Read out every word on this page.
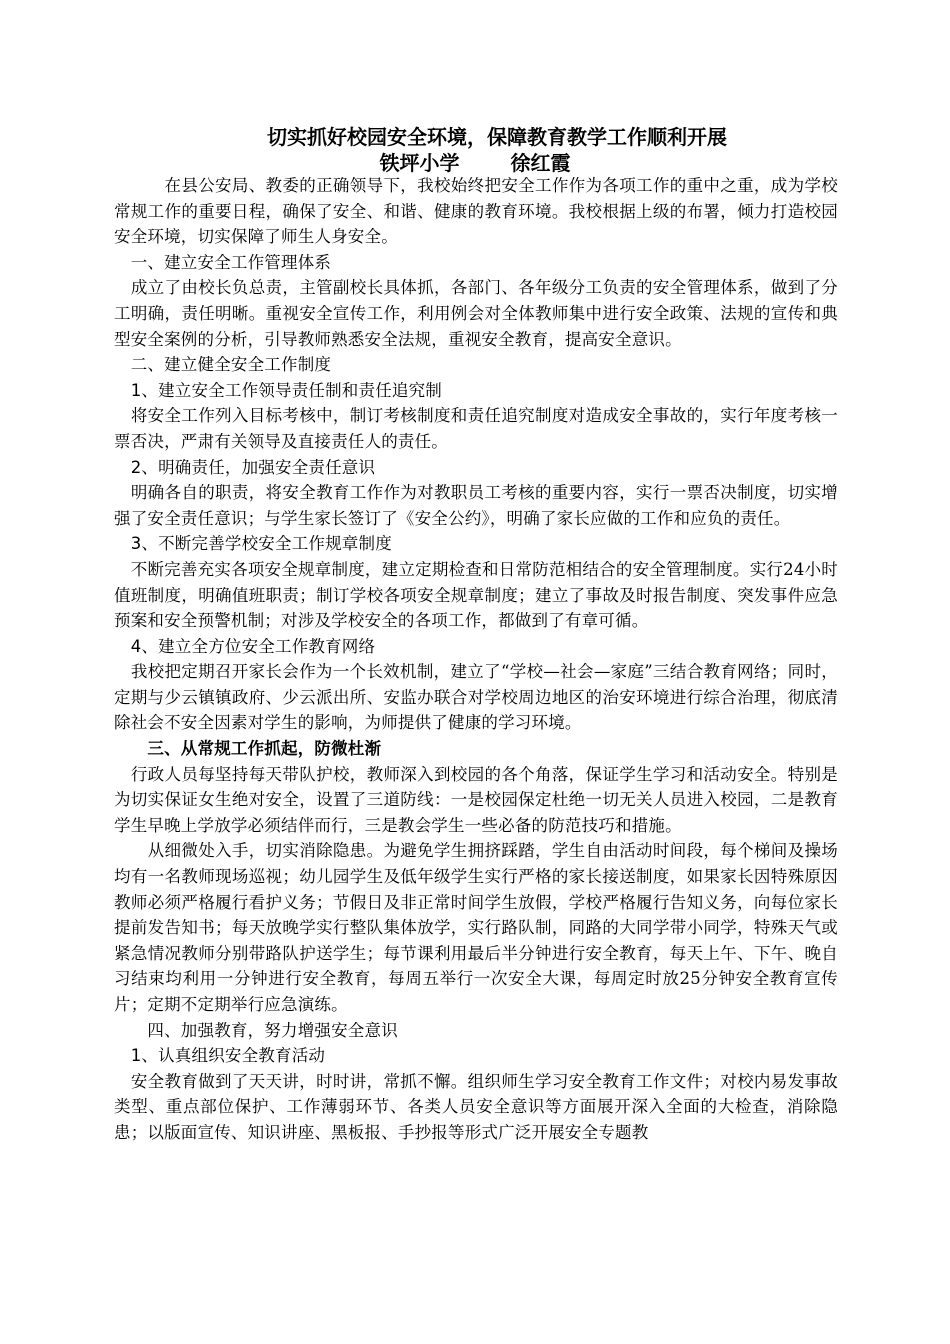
切实抓好校园安全环境，保障教育教学工作顺利开展
铁坪小学	徐红霞

　　　在县公安局、教委的正确领导下，我校始终把安全工作作为各项工作的重中之重，成为学校常规工作的重要日程，确保了安全、和谐、健康的教育环境。我校根据上级的布署，倾力打造校园安全环境，切实保障了师生人身安全。

　一、建立安全工作管理体系

　成立了由校长负总责，主管副校长具体抓，各部门、各年级分工负责的安全管理体系，做到了分工明确，责任明晰。重视安全宣传工作，利用例会对全体教师集中进行安全政策、法规的宣传和典型安全案例的分析，引导教师熟悉安全法规，重视安全教育，提高安全意识。

　二、建立健全安全工作制度
　1、建立安全工作领导责任制和责任追究制

　将安全工作列入目标考核中，制订考核制度和责任追究制度对造成安全事故的，实行年度考核一票否决，严肃有关领导及直接责任人的责任。

　2、明确责任，加强安全责任意识

　明确各自的职责，将安全教育工作作为对教职员工考核的重要内容，实行一票否决制度，切实增强了安全责任意识；与学生家长签订了《安全公约》，明确了家长应做的工作和应负的责任。

　3、不断完善学校安全工作规章制度

　不断完善充实各项安全规章制度，建立定期检查和日常防范相结合的安全管理制度。实行24小时值班制度，明确值班职责；制订学校各项安全规章制度；建立了事故及时报告制度、突发事件应急预案和安全预警机制；对涉及学校安全的各项工作，都做到了有章可循。

　4、建立全方位安全工作教育网络

　我校把定期召开家长会作为一个长效机制，建立了“学校—社会—家庭”三结合教育网络；同时，定期与少云镇镇政府、少云派出所、安监办联合对学校周边地区的治安环境进行综合治理，彻底清除社会不安全因素对学生的影响，为师提供了健康的学习环境。

　　三、从常规工作抓起，防微杜渐

　行政人员每坚持每天带队护校，教师深入到校园的各个角落，保证学生学习和活动安全。特别是为切实保证女生绝对安全，设置了三道防线：一是校园保定杜绝一切无关人员进入校园，二是教育学生早晚上学放学必须结伴而行，三是教会学生一些必备的防范技巧和措施。

　　从细微处入手，切实消除隐患。为避免学生拥挤踩踏，学生自由活动时间段，每个梯间及操场均有一名教师现场巡视；幼儿园学生及低年级学生实行严格的家长接送制度，如果家长因特殊原因教师必须严格履行看护义务；节假日及非正常时间学生放假，学校严格履行告知义务，向每位家长提前发告知书；每天放晚学实行整队集体放学，实行路队制，同路的大同学带小同学，特殊天气或紧急情况教师分别带路队护送学生；每节课利用最后半分钟进行安全教育，每天上午、下午、晚自习结束均利用一分钟进行安全教育，每周五举行一次安全大课，每周定时放25分钟安全教育宣传片；定期不定期举行应急演练。

　　四、加强教育，努力增强安全意识
　1、认真组织安全教育活动

　安全教育做到了天天讲，时时讲，常抓不懈。组织师生学习安全教育工作文件；对校内易发事故类型、重点部位保护、工作薄弱环节、各类人员安全意识等方面展开深入全面的大检查，消除隐患；以版面宣传、知识讲座、黑板报、手抄报等形式广泛开展安全专题教
